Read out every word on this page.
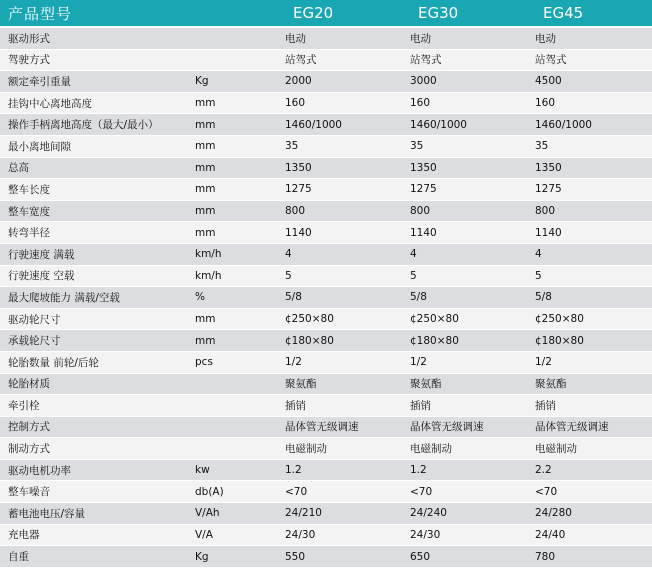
产品型号		EG20	EG30	EG45
驱动形式		电动	电动	电动
驾驶方式		站驾式	站驾式	站驾式
额定牵引重量	Kg	2000	3000	4500
挂钩中心离地高度	mm	160	160	160
操作手柄离地高度（最大/最小）	mm	1460/1000	1460/1000	1460/1000
最小离地间隙	mm	35	35	35
总高	mm	1350	1350	1350
整车长度	mm	1275	1275	1275
整车宽度	mm	800	800	800
转弯半径	mm	1140	1140	1140
行驶速度 满载	km/h	4	4	4
行驶速度 空载	km/h	5	5	5
最大爬坡能力 满载/空载	%	5/8	5/8	5/8
驱动轮尺寸	mm	¢250×80	¢250×80	¢250×80
承载轮尺寸	mm	¢180×80	¢180×80	¢180×80
轮胎数量 前轮/后轮	pcs	1/2	1/2	1/2
轮胎材质		聚氨酯	聚氨酯	聚氨酯
牵引栓		插销	插销	插销
控制方式		晶体管无级调速	晶体管无级调速	晶体管无级调速
制动方式		电磁制动	电磁制动	电磁制动
驱动电机功率	kw	1.2	1.2	2.2
整车噪音	db(A)	<70	<70	<70
蓄电池电压/容量	V/Ah	24/210	24/240	24/280
充电器	V/A	24/30	24/30	24/40
自重	Kg	550	650	780
